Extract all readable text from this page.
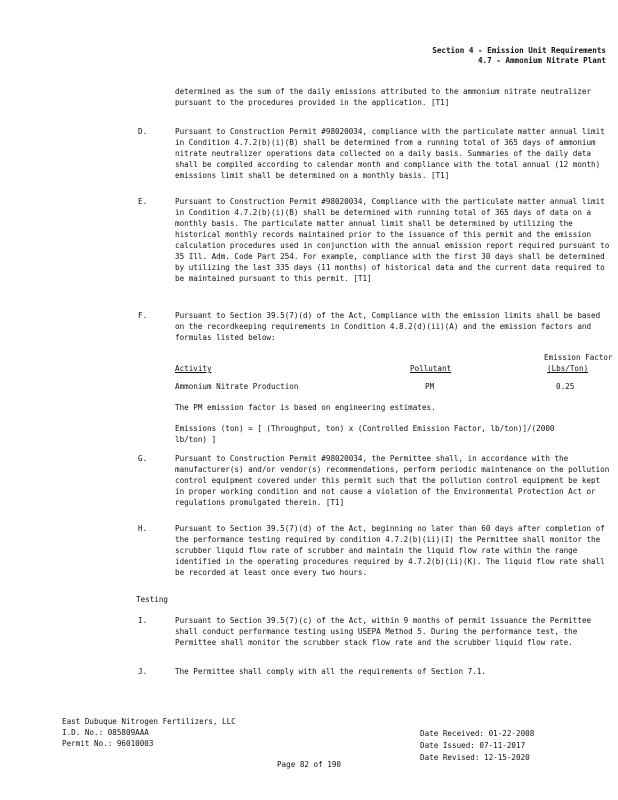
Section 4 - Emission Unit Requirements
4.7 - Ammonium Nitrate Plant
determined as the sum of the daily emissions attributed to the ammonium nitrate neutralizer pursuant to the procedures provided in the application. [T1]
D.	Pursuant to Construction Permit #98020034, compliance with the particulate matter annual limit in Condition 4.7.2(b)(i)(B) shall be determined from a running total of 365 days of ammonium nitrate neutralizer operations data collected on a daily basis. Summaries of the daily data shall be compiled according to calendar month and compliance with the total annual (12 month) emissions limit shall be determined on a monthly basis. [T1]
E.	Pursuant to Construction Permit #98020034, Compliance with the particulate matter annual limit in Condition 4.7.2(b)(i)(B) shall be determined with running total of 365 days of data on a monthly basis. The particulate matter annual limit shall be determined by utilizing the historical monthly records maintained prior to the issuance of this permit and the emission calculation procedures used in conjunction with the annual emission report required pursuant to 35 Ill. Adm. Code Part 254. For example, compliance with the first 30 days shall be determined by utilizing the last 335 days (11 months) of historical data and the current data required to be maintained pursuant to this permit. [T1]
F.	Pursuant to Section 39.5(7)(d) of the Act, Compliance with the emission limits shall be based on the recordkeeping requirements in Condition 4.8.2(d)(ii)(A) and the emission factors and formulas listed below:
Emission Factor
Activity	Pollutant	(Lbs/Ton)
Ammonium Nitrate Production	PM	0.25
The PM emission factor is based on engineering estimates.
Emissions (ton) = [ (Throughput, ton) x (Controlled Emission Factor, lb/ton)]/(2000 lb/ton) ]
G.	Pursuant to Construction Permit #98020034, the Permittee shall, in accordance with the manufacturer(s) and/or vendor(s) recommendations, perform periodic maintenance on the pollution control equipment covered under this permit such that the pollution control equipment be kept in proper working condition and not cause a violation of the Environmental Protection Act or regulations promulgated therein. [T1]
H.	Pursuant to Section 39.5(7)(d) of the Act, beginning no later than 60 days after completion of the performance testing required by condition 4.7.2(b)(ii)(I) the Permittee shall monitor the scrubber liquid flow rate of scrubber and maintain the liquid flow rate within the range identified in the operating procedures required by 4.7.2(b)(ii)(K). The liquid flow rate shall be recorded at least once every two hours.
Testing
I.	Pursuant to Section 39.5(7)(c) of the Act, within 9 months of permit issuance the Permittee shall conduct performance testing using USEPA Method 5. During the performance test, the Permittee shall monitor the scrubber stack flow rate and the scrubber liquid flow rate.
J.	The Permittee shall comply with all the requirements of Section 7.1.
East Dubuque Nitrogen Fertilizers, LLC
I.D. No.: 085809AAA
Permit No.: 96010003
Date Received: 01-22-2008
Date Issued: 07-11-2017
Date Revised: 12-15-2020
Page 82 of 190
